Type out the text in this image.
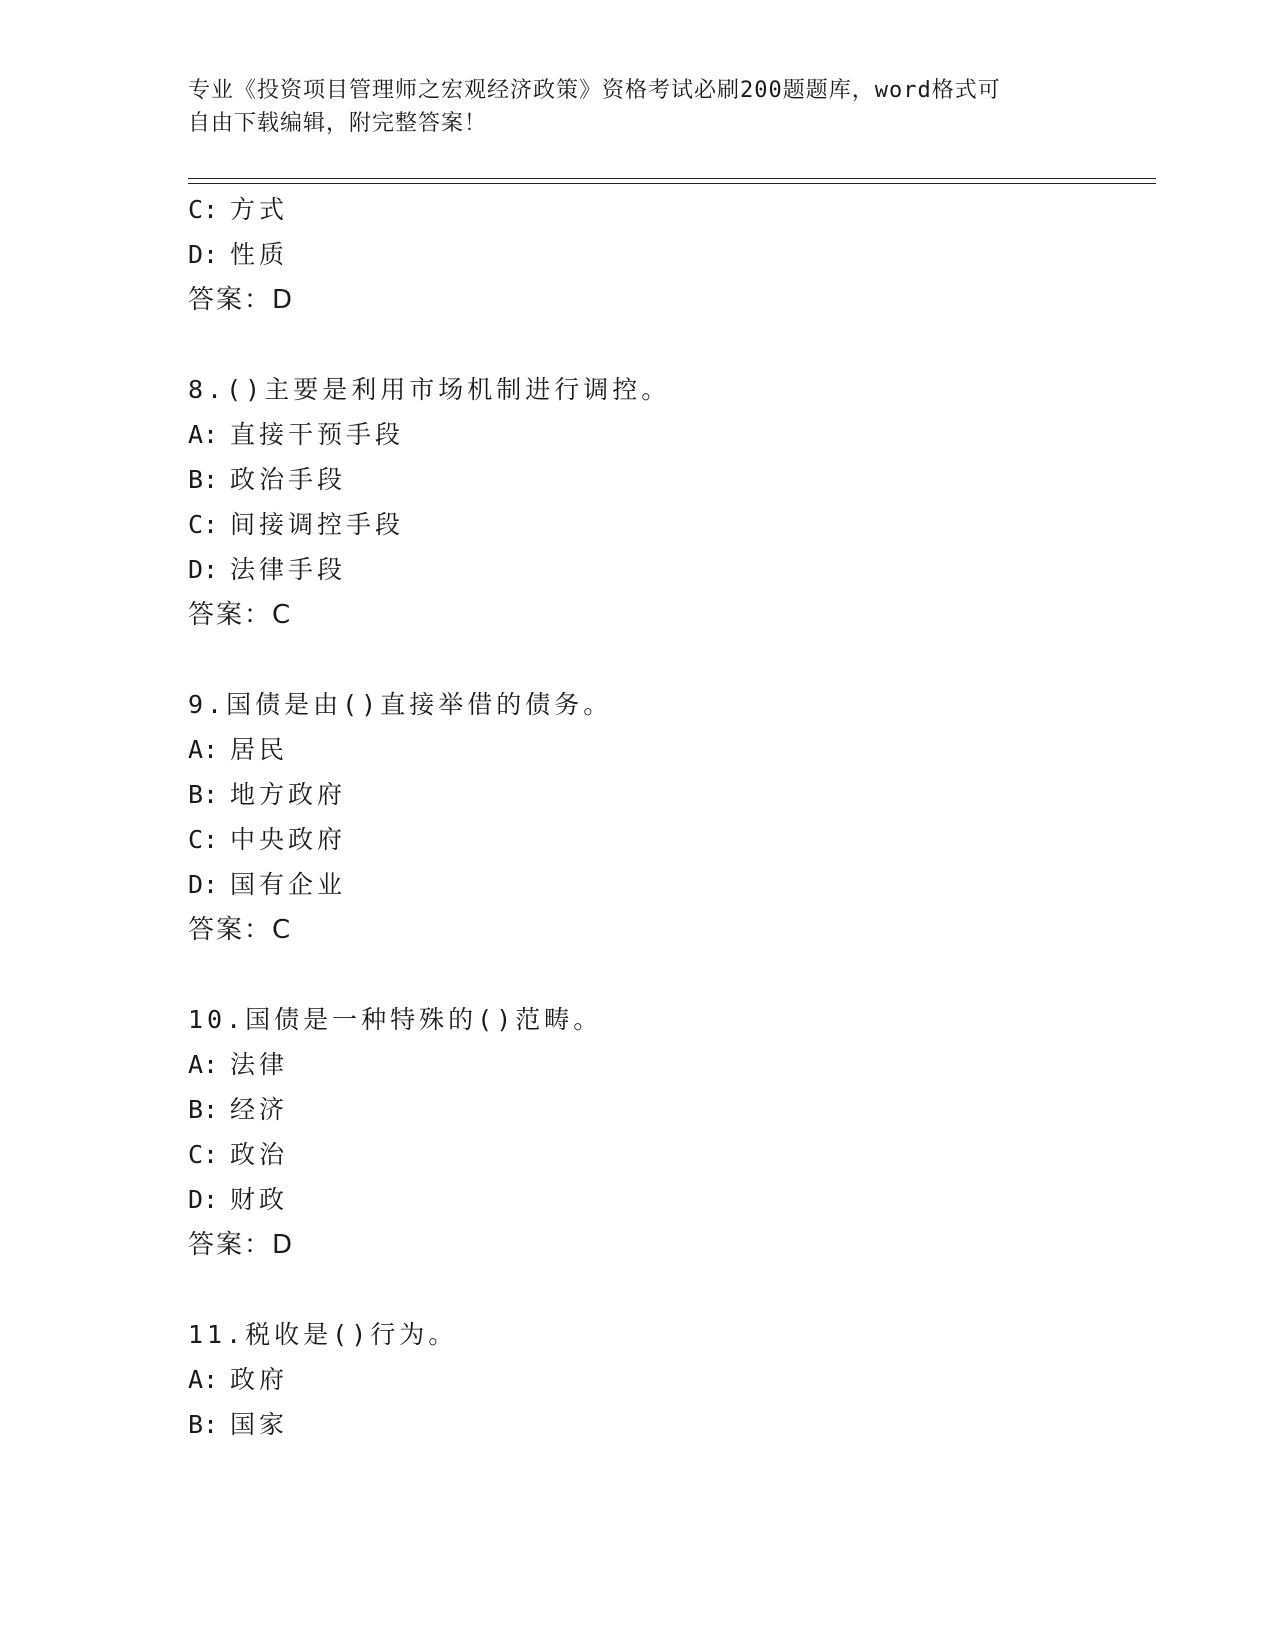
专业《投资项目管理师之宏观经济政策》资格考试必刷200题题库，word格式可
自由下载编辑，附完整答案！
C: 方式
D: 性质
答案：D
8.()主要是利用市场机制进行调控。
A: 直接干预手段
B: 政治手段
C: 间接调控手段
D: 法律手段
答案：C
9.国债是由()直接举借的债务。
A: 居民
B: 地方政府
C: 中央政府
D: 国有企业
答案：C
10.国债是一种特殊的()范畴。
A: 法律
B: 经济
C: 政治
D: 财政
答案：D
11.税收是()行为。
A: 政府
B: 国家
